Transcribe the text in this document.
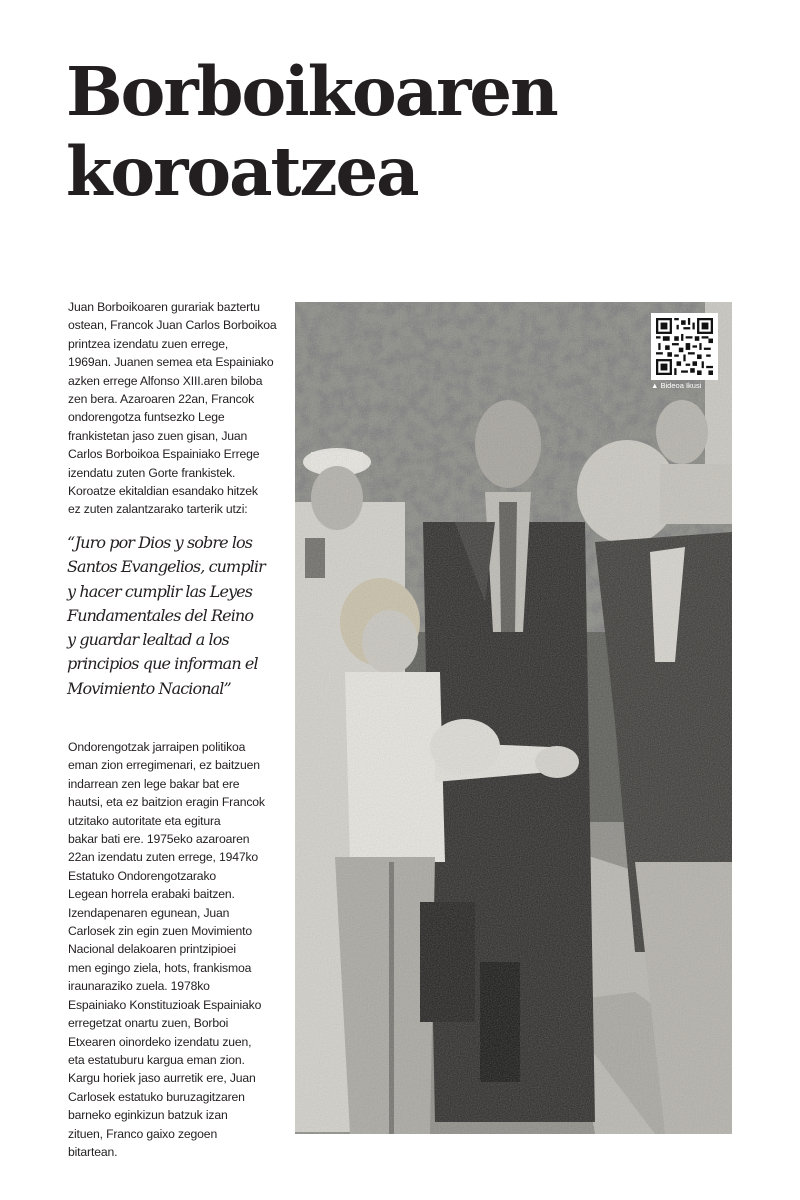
Borboikoaren
koroatzea
Juan Borboikoaren gurariak baztertu
ostean, Francok Juan Carlos Borboikoa
printzea izendatu zuen errege,
1969an. Juanen semea eta Espainiako
azken errege Alfonso XIII.aren biloba
zen bera. Azaroaren 22an, Francok
ondorengotza funtsezko Lege
frankistetan jaso zuen gisan, Juan
Carlos Borboikoa Espainiako Errege
izendatu zuten Gorte frankistek.
Koroatze ekitaldian esandako hitzek
ez zuten zalantzarako tarterik utzi:
“Juro por Dios y sobre los
Santos Evangelios, cumplir
y hacer cumplir las Leyes
Fundamentales del Reino
y guardar lealtad a los
principios que informan el
Movimiento Nacional”
Ondorengotzak jarraipen politikoa
eman zion erregimenari, ez baitzuen
indarrean zen lege bakar bat ere
hautsi, eta ez baitzion eragin Francok
utzitako autoritate eta egitura
bakar bati ere. 1975eko azaroaren
22an izendatu zuten errege, 1947ko
Estatuko Ondorengotzarako
Legean horrela erabaki baitzen.
Izendapenaren egunean, Juan
Carlosek zin egin zuen Movimiento
Nacional delakoaren printzipioei
men egingo ziela, hots, frankismoa
iraunaraziko zuela. 1978ko
Espainiako Konstituzioak Espainiako
erregetzat onartu zuen, Borboi
Etxearen oinordeko izendatu zuen,
eta estatuburu kargua eman zion.
Kargu horiek jaso aurretik ere, Juan
Carlosek estatuko buruzagitzaren
barneko eginkizun batzuk izan
zituen, Franco gaixo zegoen
bitartean.
▲ Bideoa Ikusi
